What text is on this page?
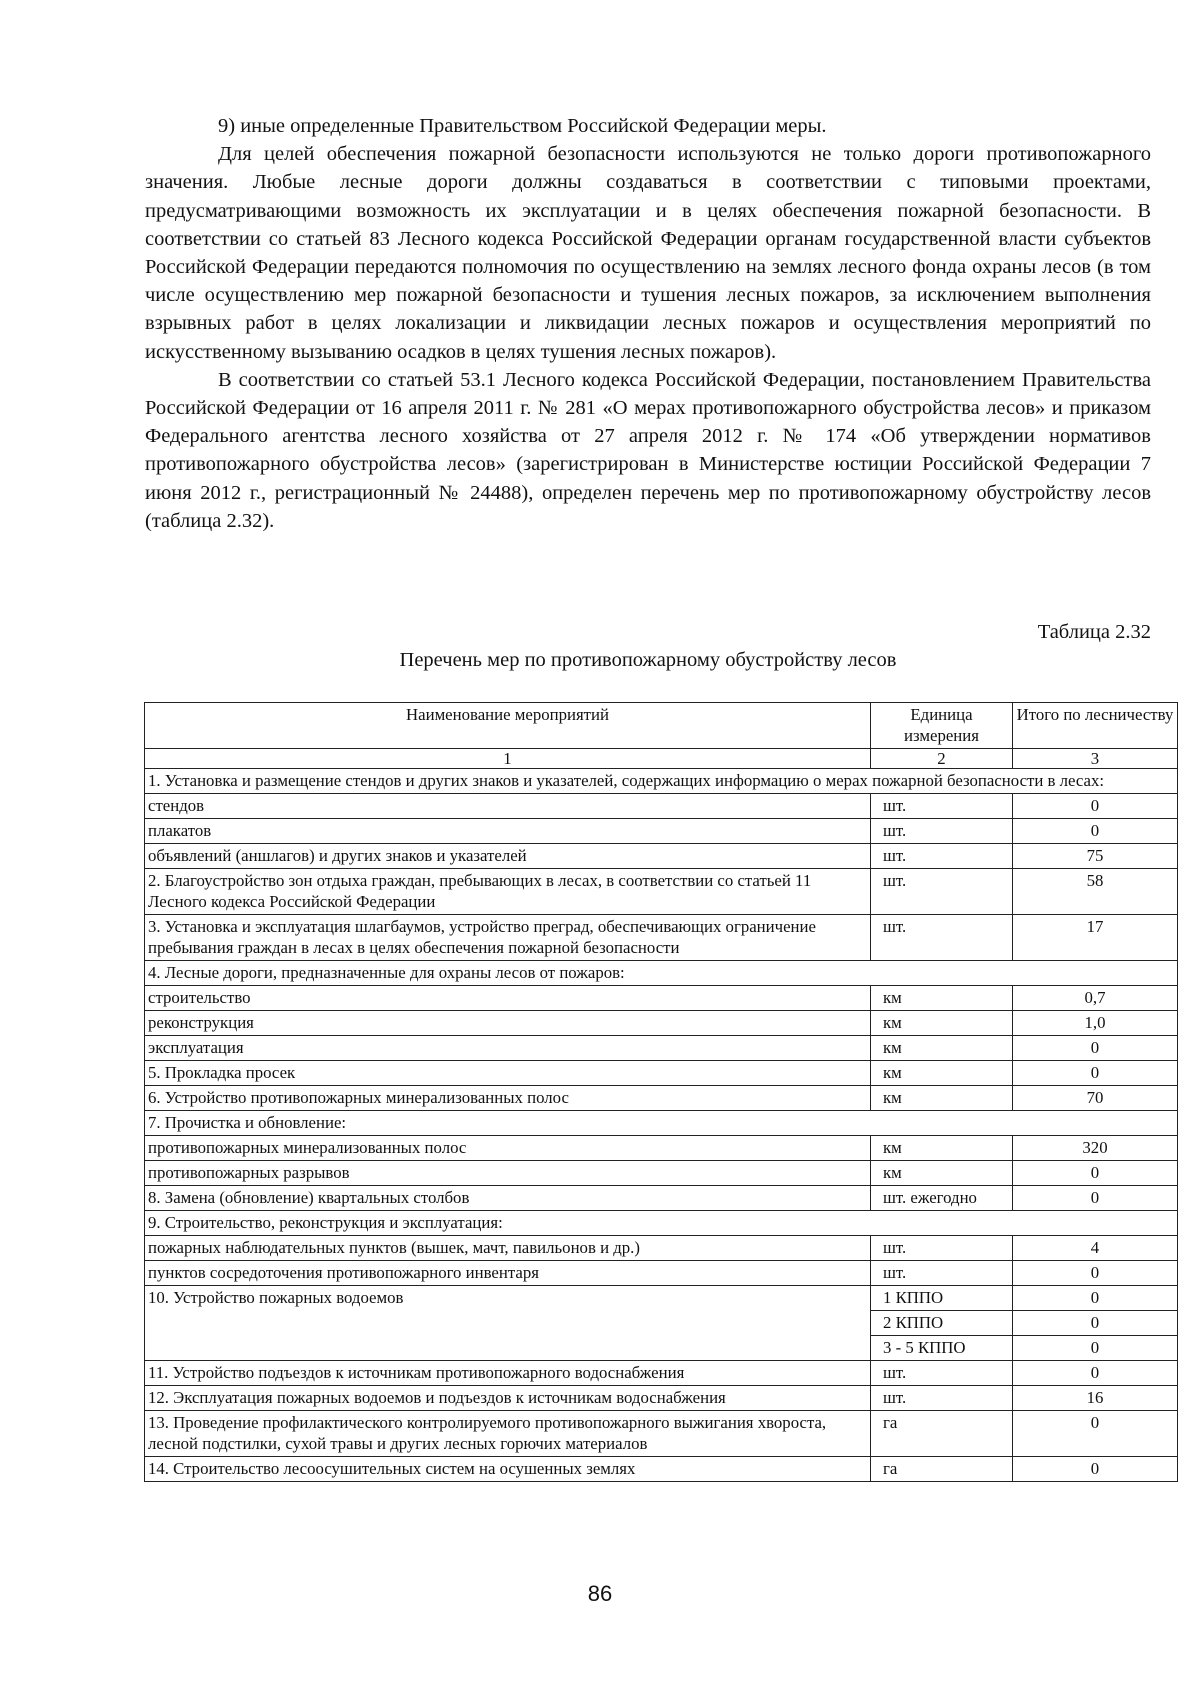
9) иные определенные Правительством Российской Федерации меры.

Для целей обеспечения пожарной безопасности используются не только дороги противопожарного значения. Любые лесные дороги должны создаваться в соответствии с типовыми проектами, предусматривающими возможность их эксплуатации и в целях обеспечения пожарной безопасности. В соответствии со статьей 83 Лесного кодекса Российской Федерации органам государственной власти субъектов Российской Федерации передаются полномочия по осуществлению на землях лесного фонда охраны лесов (в том числе осуществлению мер пожарной безопасности и тушения лесных пожаров, за исключением выполнения взрывных работ в целях локализации и ликвидации лесных пожаров и осуществления мероприятий по искусственному вызыванию осадков в целях тушения лесных пожаров).

В соответствии со статьей 53.1 Лесного кодекса Российской Федерации, постановлением Правительства Российской Федерации от 16 апреля 2011 г. № 281 «О мерах противопожарного обустройства лесов» и приказом Федерального агентства лесного хозяйства от 27 апреля 2012 г. № 174 «Об утверждении нормативов противопожарного обустройства лесов» (зарегистрирован в Министерстве юстиции Российской Федерации 7 июня 2012 г., регистрационный № 24488), определен перечень мер по противопожарному обустройству лесов (таблица 2.32).

Таблица 2.32
Перечень мер по противопожарному обустройству лесов
Наименование мероприятий	Единица измерения	Итого по лесничеству
1	2	3
1. Установка и размещение стендов и других знаков и указателей, содержащих информацию о мерах пожарной безопасности в лесах:		
стендов	шт.	0
плакатов	шт.	0
объявлений (аншлагов) и других знаков и указателей	шт.	75
2. Благоустройство зон отдыха граждан, пребывающих в лесах, в соответствии со статьей 11 Лесного кодекса Российской Федерации	шт.	58
3. Установка и эксплуатация шлагбаумов, устройство преград, обеспечивающих ограничение пребывания граждан в лесах в целях обеспечения пожарной безопасности	шт.	17
4. Лесные дороги, предназначенные для охраны лесов от пожаров:		
строительство	км	0,7
реконструкция	км	1,0
эксплуатация	км	0
5. Прокладка просек	км	0
6. Устройство противопожарных минерализованных полос	км	70
7. Прочистка и обновление:		
противопожарных минерализованных полос	км	320
противопожарных разрывов	км	0
8. Замена (обновление) квартальных столбов	шт. ежегодно	0
9. Строительство, реконструкция и эксплуатация:		
пожарных наблюдательных пунктов (вышек, мачт, павильонов и др.)	шт.	4
пунктов сосредоточения противопожарного инвентаря	шт.	0
10. Устройство пожарных водоемов	1 КППО	0
	2 КППО	0
	3 - 5 КППО	0
11. Устройство подъездов к источникам противопожарного водоснабжения	шт.	0
12. Эксплуатация пожарных водоемов и подъездов к источникам водоснабжения	шт.	16
13. Проведение профилактического контролируемого противопожарного выжигания хвороста, лесной подстилки, сухой травы и других лесных горючих материалов	га	0
14. Строительство лесоосушительных систем на осушенных землях	га	0
86
